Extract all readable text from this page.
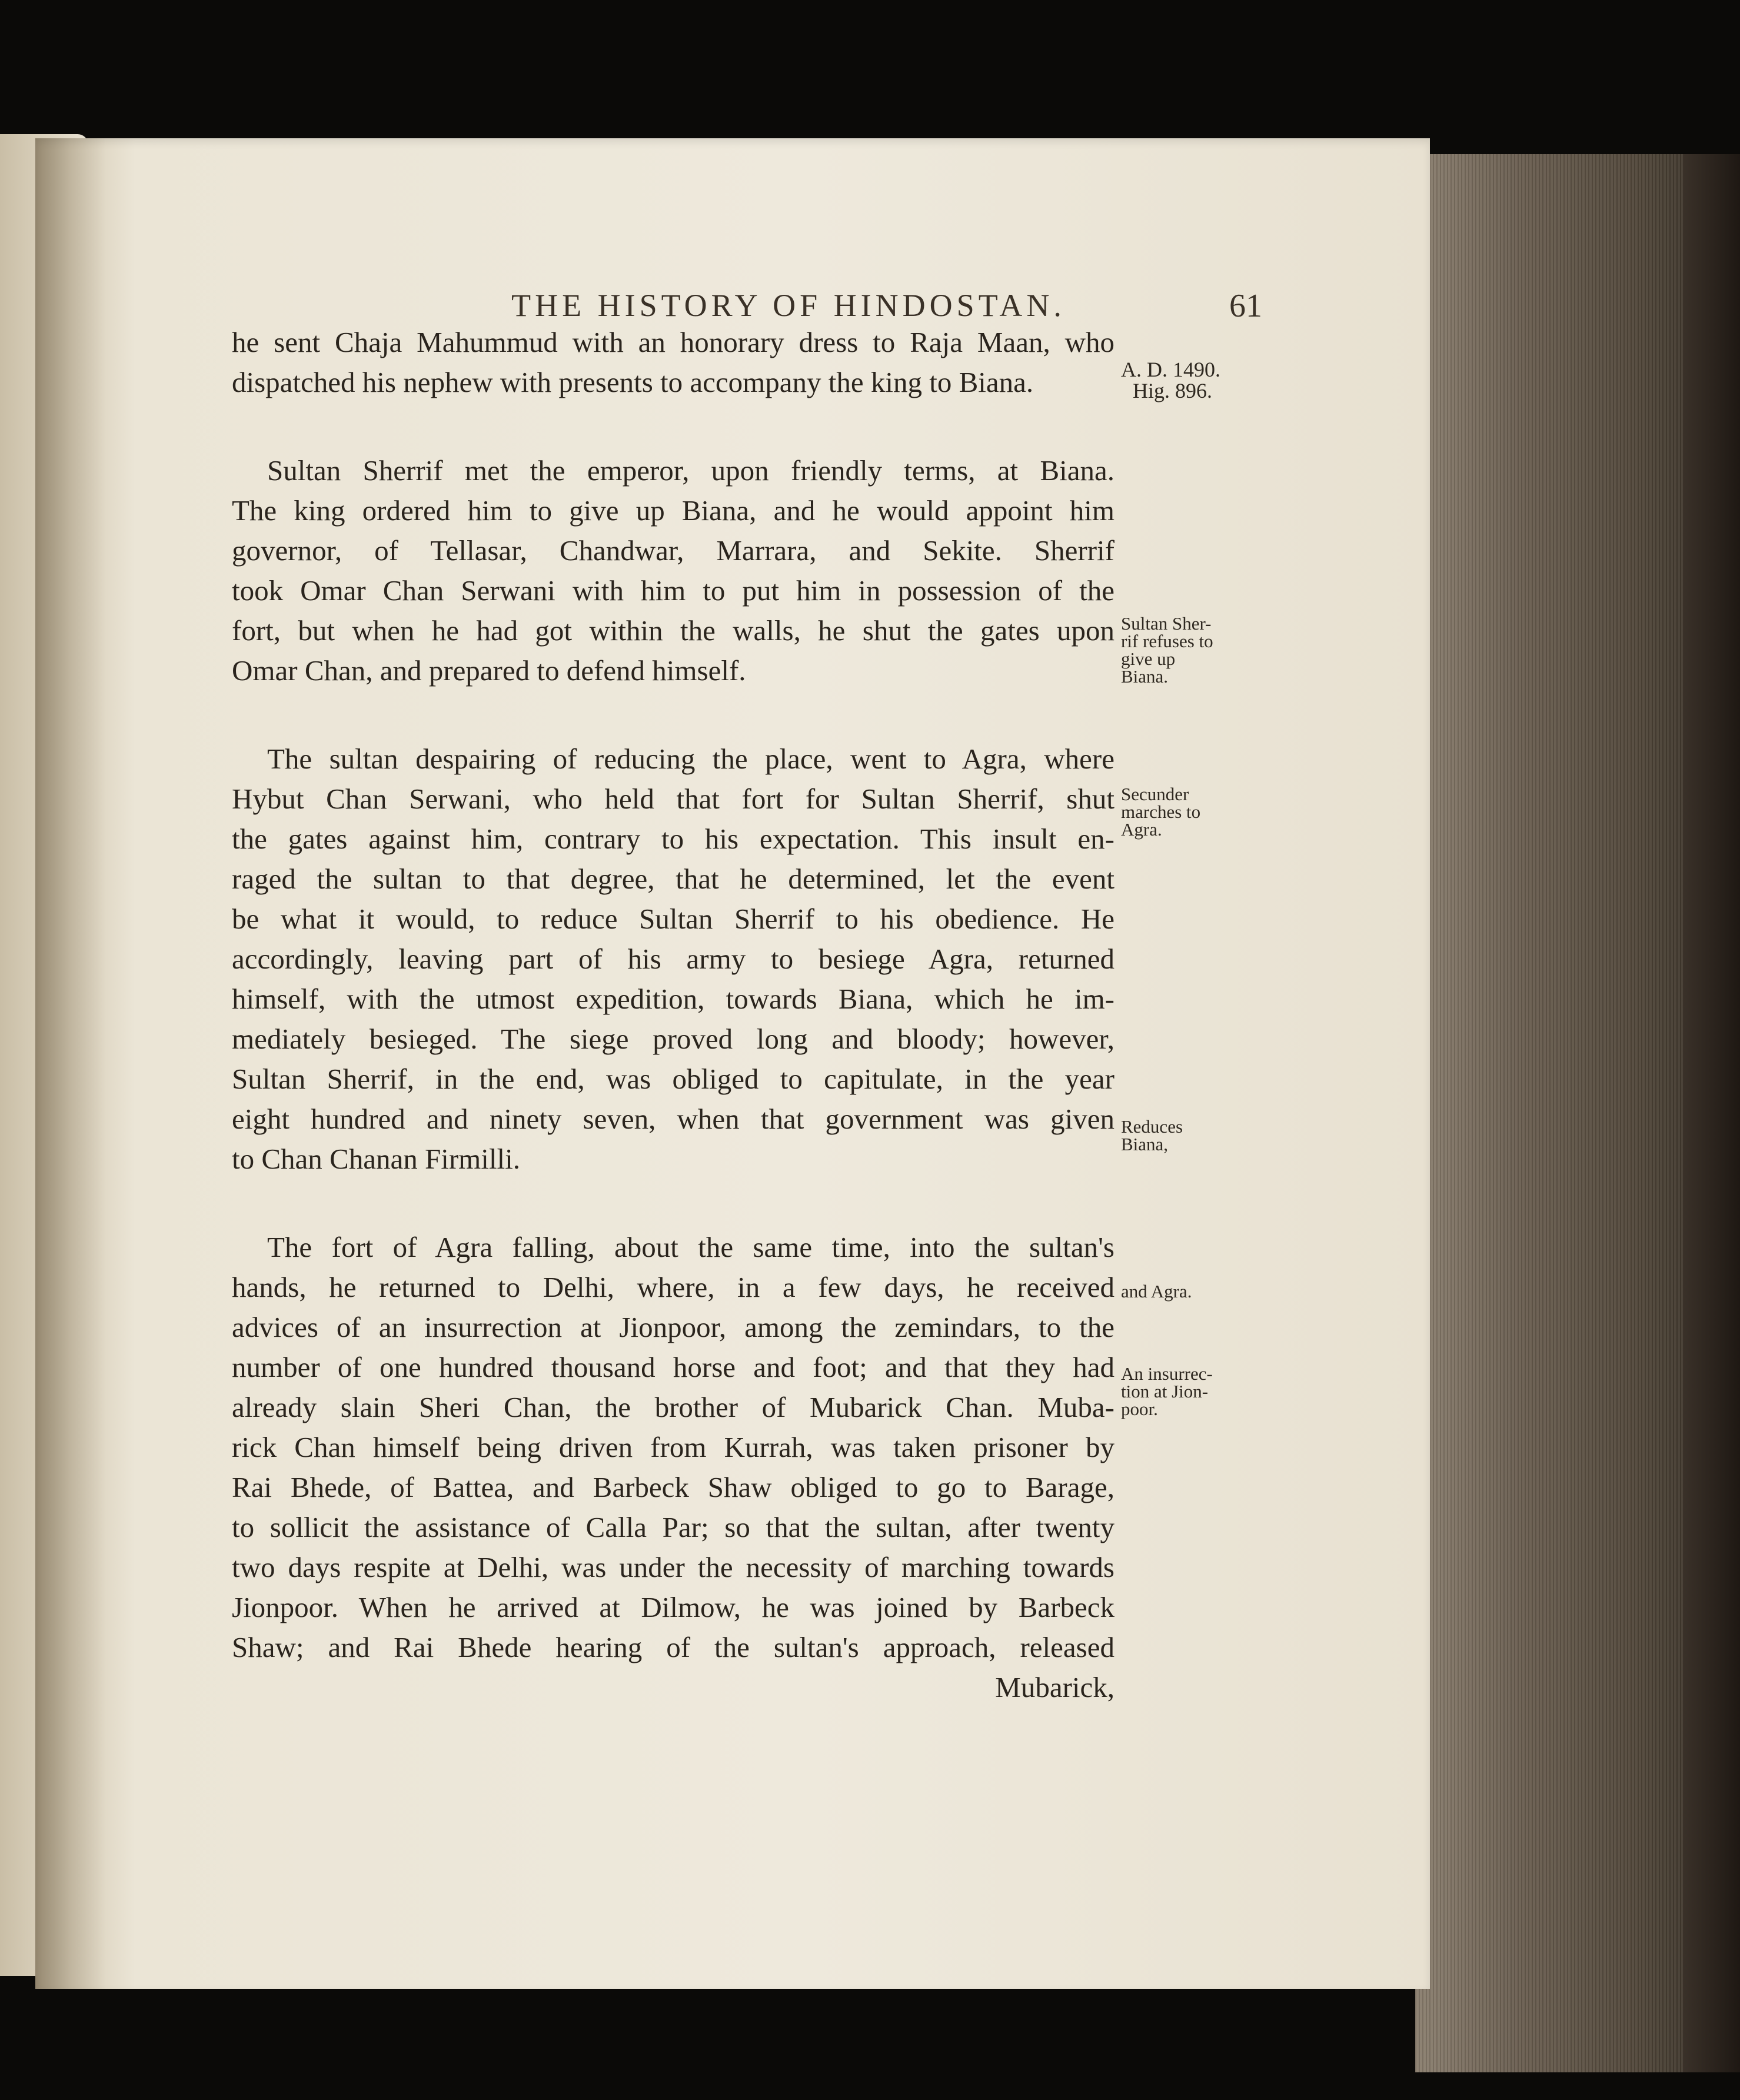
THE HISTORY OF HINDOSTAN.	61
he sent Chaja Mahummud with an honorary dress to Raja Maan, who
dispatched his nephew with presents to accompany the king to Biana.
Sultan Sherrif met the emperor, upon friendly terms, at Biana.
The king ordered him to give up Biana, and he would appoint him
governor, of Tellasar, Chandwar, Marrara, and Sekite. Sherrif
took Omar Chan Serwani with him to put him in possession of the
fort, but when he had got within the walls, he shut the gates upon
Omar Chan, and prepared to defend himself.
The sultan despairing of reducing the place, went to Agra, where
Hybut Chan Serwani, who held that fort for Sultan Sherrif, shut
the gates against him, contrary to his expectation. This insult en-
raged the sultan to that degree, that he determined, let the event
be what it would, to reduce Sultan Sherrif to his obedience. He
accordingly, leaving part of his army to besiege Agra, returned
himself, with the utmost expedition, towards Biana, which he im-
mediately besieged. The siege proved long and bloody; however,
Sultan Sherrif, in the end, was obliged to capitulate, in the year
eight hundred and ninety seven, when that government was given
to Chan Chanan Firmilli.
The fort of Agra falling, about the same time, into the sultan's
hands, he returned to Delhi, where, in a few days, he received
advices of an insurrection at Jionpoor, among the zemindars, to the
number of one hundred thousand horse and foot; and that they had
already slain Sheri Chan, the brother of Mubarick Chan. Muba-
rick Chan himself being driven from Kurrah, was taken prisoner by
Rai Bhede, of Battea, and Barbeck Shaw obliged to go to Barage,
to sollicit the assistance of Calla Par; so that the sultan, after twenty
two days respite at Delhi, was under the necessity of marching towards
Jionpoor. When he arrived at Dilmow, he was joined by Barbeck
Shaw; and Rai Bhede hearing of the sultan's approach, released
Mubarick,
A. D. 1490.
Hig. 896.
Sultan Sher-
rif refuses to
give up
Biana.
Secunder
marches to
Agra.
Reduces
Biana,
and Agra.
An insurrec-
tion at Jion-
poor.
